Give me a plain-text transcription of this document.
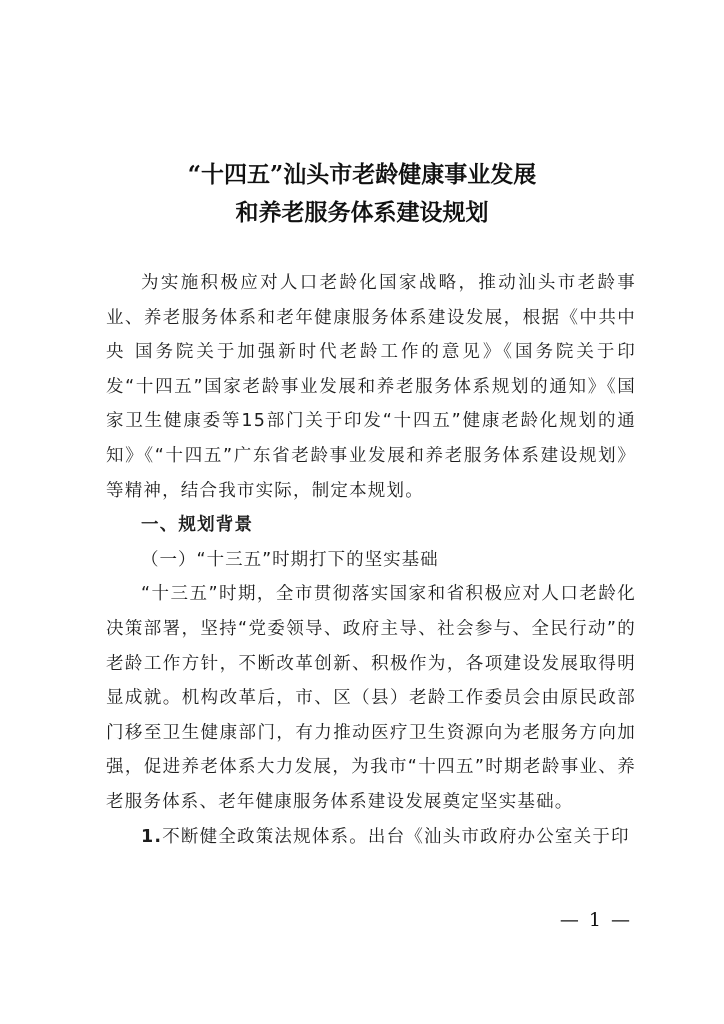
“十四五”汕头市老龄健康事业发展
和养老服务体系建设规划

为实施积极应对人口老龄化国家战略，推动汕头市老龄事业、养老服务体系和老年健康服务体系建设发展，根据《中共中央 国务院关于加强新时代老龄工作的意见》《国务院关于印发“十四五”国家老龄事业发展和养老服务体系规划的通知》《国家卫生健康委等15部门关于印发“十四五”健康老龄化规划的通知》《“十四五”广东省老龄事业发展和养老服务体系建设规划》等精神，结合我市实际，制定本规划。

一、规划背景

（一）“十三五”时期打下的坚实基础

“十三五”时期，全市贯彻落实国家和省积极应对人口老龄化决策部署，坚持“党委领导、政府主导、社会参与、全民行动”的老龄工作方针，不断改革创新、积极作为，各项建设发展取得明显成就。机构改革后，市、区（县）老龄工作委员会由原民政部门移至卫生健康部门，有力推动医疗卫生资源向为老服务方向加强，促进养老体系大力发展，为我市“十四五”时期老龄事业、养老服务体系、老年健康服务体系建设发展奠定坚实基础。

1.不断健全政策法规体系。出台《汕头市政府办公室关于印

— 1 —
